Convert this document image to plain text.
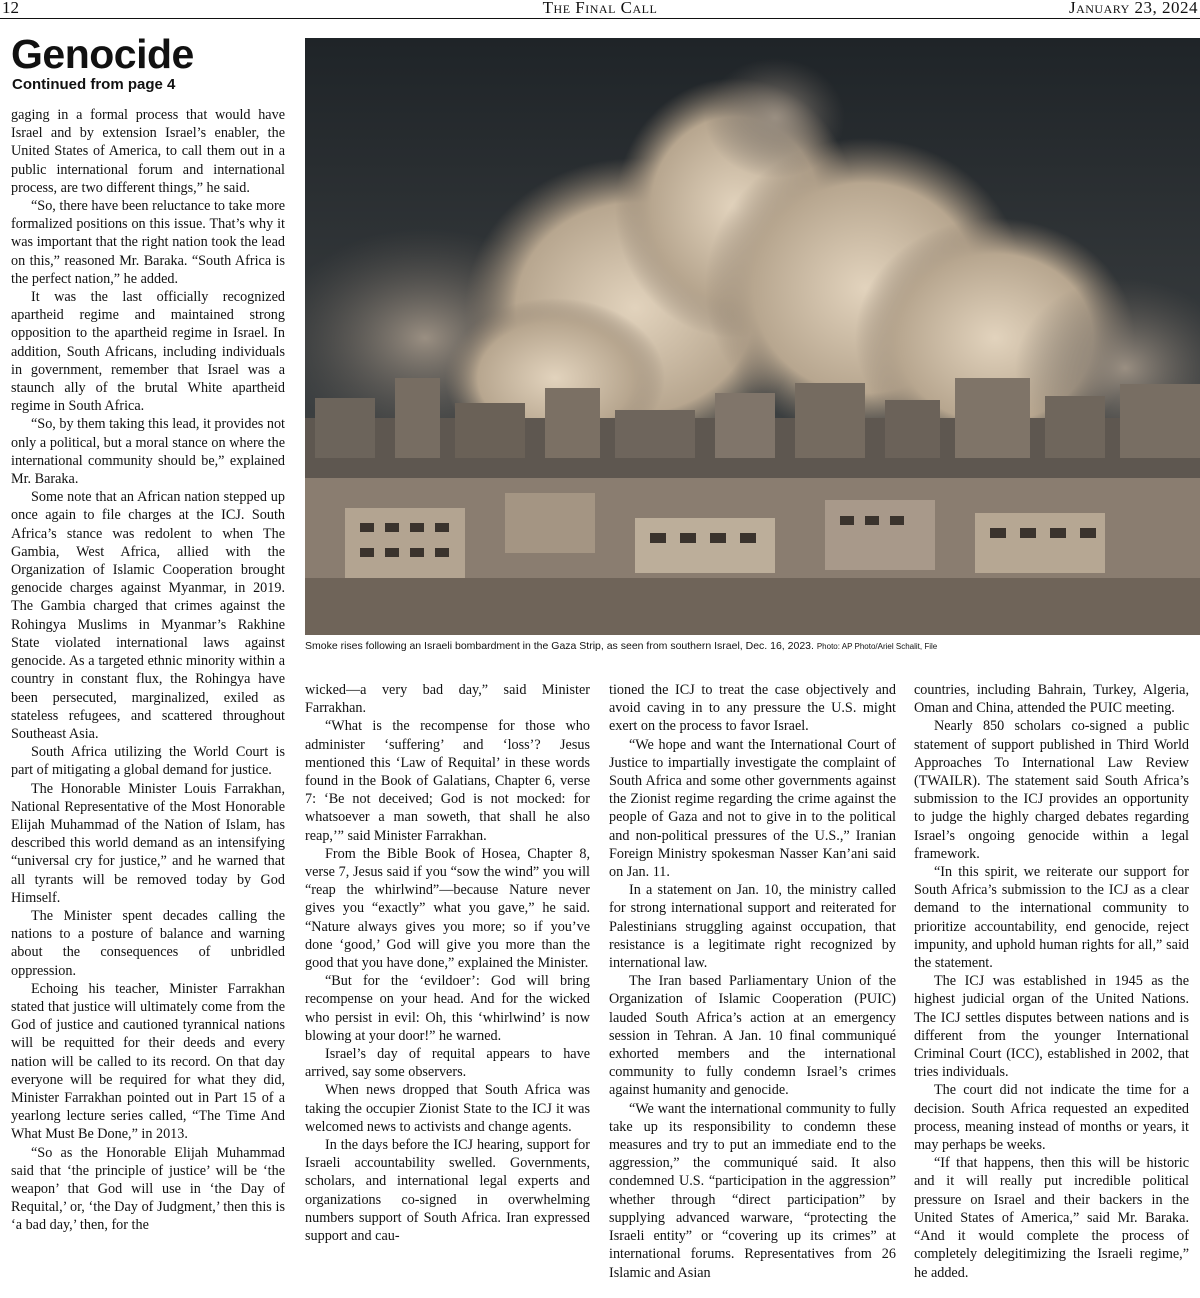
12	The Final Call	January 23, 2024
Genocide
Continued from page 4

gaging in a formal process that would have Israel and by extension Israel’s enabler, the United States of America, to call them out in a public international forum and international process, are two different things,” he said.

“So, there have been reluctance to take more formalized positions on this issue. That’s why it was important that the right nation took the lead on this,” reasoned Mr. Baraka. “South Africa is the perfect nation,” he added.

It was the last officially recognized apartheid regime and maintained strong opposition to the apartheid regime in Israel. In addition, South Africans, including individuals in government, remember that Israel was a staunch ally of the brutal White apartheid regime in South Africa.

“So, by them taking this lead, it provides not only a political, but a moral stance on where the international community should be,” explained Mr. Baraka.

Some note that an African nation stepped up once again to file charges at the ICJ. South Africa’s stance was redolent to when The Gambia, West Africa, allied with the Organization of Islamic Cooperation brought genocide charges against Myanmar, in 2019. The Gambia charged that crimes against the Rohingya Muslims in Myanmar’s Rakhine State violated international laws against genocide. As a targeted ethnic minority within a country in constant flux, the Rohingya have been persecuted, marginalized, exiled as stateless refugees, and scattered throughout Southeast Asia.

South Africa utilizing the World Court is part of mitigating a global demand for justice.

The Honorable Minister Louis Farrakhan, National Representative of the Most Honorable Elijah Muhammad of the Nation of Islam, has described this world demand as an intensifying “universal cry for justice,” and he warned that all tyrants will be removed today by God Himself.

The Minister spent decades calling the nations to a posture of balance and warning about the consequences of unbridled oppression.

Echoing his teacher, Minister Farrakhan stated that justice will ultimately come from the God of justice and cautioned tyrannical nations will be requitted for their deeds and every nation will be called to its record. On that day everyone will be required for what they did, Minister Farrakhan pointed out in Part 15 of a yearlong lecture series called, “The Time And What Must Be Done,” in 2013.

“So as the Honorable Elijah Muhammad said that ‘the principle of justice’ will be ‘the weapon’ that God will use in ‘the Day of Requital,’ or, ‘the Day of Judgment,’ then this is ‘a bad day,’ then, for the

Smoke rises following an Israeli bombardment in the Gaza Strip, as seen from southern Israel, Dec. 16, 2023. Photo: AP Photo/Ariel Schalit, File

wicked—a very bad day,” said Minister Farrakhan.

“What is the recompense for those who administer ‘suffering’ and ‘loss’? Jesus mentioned this ‘Law of Requital’ in these words found in the Book of Galatians, Chapter 6, verse 7: ‘Be not deceived; God is not mocked: for whatsoever a man soweth, that shall he also reap,’” said Minister Farrakhan.

From the Bible Book of Hosea, Chapter 8, verse 7, Jesus said if you “sow the wind” you will “reap the whirlwind”—because Nature never gives you “exactly” what you gave,” he said. “Nature always gives you more; so if you’ve done ‘good,’ God will give you more than the good that you have done,” explained the Minister.

“But for the ‘evildoer’: God will bring recompense on your head. And for the wicked who persist in evil: Oh, this ‘whirlwind’ is now blowing at your door!” he warned.

Israel’s day of requital appears to have arrived, say some observers.

When news dropped that South Africa was taking the occupier Zionist State to the ICJ it was welcomed news to activists and change agents.

In the days before the ICJ hearing, support for Israeli accountability swelled. Governments, scholars, and international legal experts and organizations co-signed in overwhelming numbers support of South Africa. Iran expressed support and cau-

tioned the ICJ to treat the case objectively and avoid caving in to any pressure the U.S. might exert on the process to favor Israel.

“We hope and want the International Court of Justice to impartially investigate the complaint of South Africa and some other governments against the Zionist regime regarding the crime against the people of Gaza and not to give in to the political and non-political pressures of the U.S.,” Iranian Foreign Ministry spokesman Nasser Kan’ani said on Jan. 11.

In a statement on Jan. 10, the ministry called for strong international support and reiterated for Palestinians struggling against occupation, that resistance is a legitimate right recognized by international law.

The Iran based Parliamentary Union of the Organization of Islamic Cooperation (PUIC) lauded South Africa’s action at an emergency session in Tehran. A Jan. 10 final communiqué exhorted members and the international community to fully condemn Israel’s crimes against humanity and genocide.

“We want the international community to fully take up its responsibility to condemn these measures and try to put an immediate end to the aggression,” the communiqué said. It also condemned U.S. “participation in the aggression” whether through “direct participation” by supplying advanced warware, “protecting the Israeli entity” or “covering up its crimes” at international forums. Representatives from 26 Islamic and Asian

countries, including Bahrain, Turkey, Algeria, Oman and China, attended the PUIC meeting.

Nearly 850 scholars co-signed a public statement of support published in Third World Approaches To International Law Review (TWAILR). The statement said South Africa’s submission to the ICJ provides an opportunity to judge the highly charged debates regarding Israel’s ongoing genocide within a legal framework.

“In this spirit, we reiterate our support for South Africa’s submission to the ICJ as a clear demand to the international community to prioritize accountability, end genocide, reject impunity, and uphold human rights for all,” said the statement.

The ICJ was established in 1945 as the highest judicial organ of the United Nations. The ICJ settles disputes between nations and is different from the younger International Criminal Court (ICC), established in 2002, that tries individuals.

The court did not indicate the time for a decision. South Africa requested an expedited process, meaning instead of months or years, it may perhaps be weeks.

“If that happens, then this will be historic and it will really put incredible political pressure on Israel and their backers in the United States of America,” said Mr. Baraka. “And it would complete the process of completely delegitimizing the Israeli regime,” he added.
